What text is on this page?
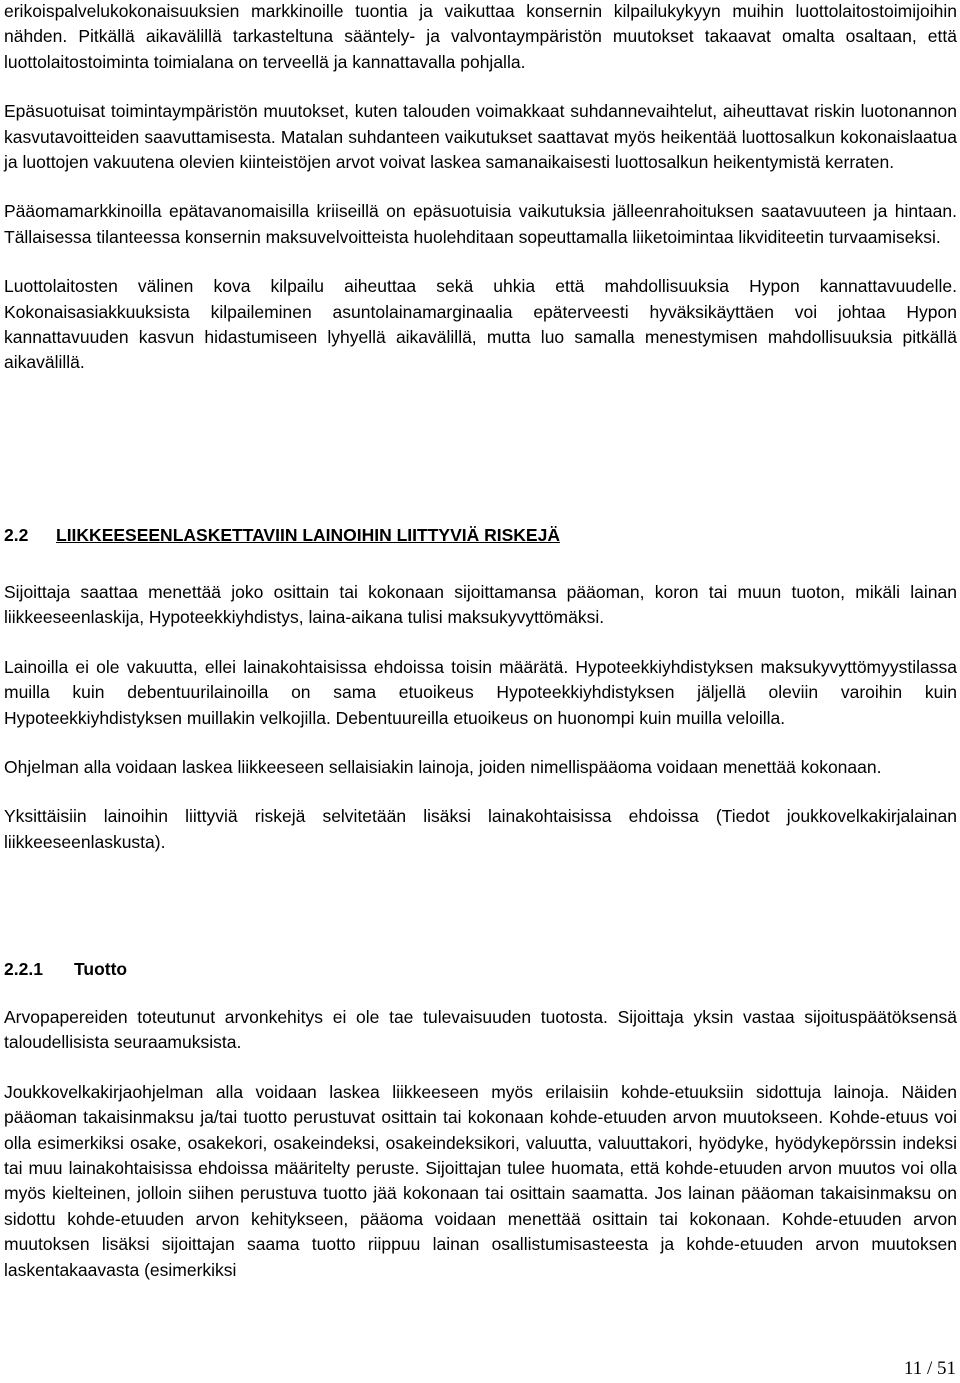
erikoispalvelukokonaisuuksien markkinoille tuontia ja vaikuttaa konsernin kilpailukykyyn muihin luottolaitostoimijoihin nähden. Pitkällä aikavälillä tarkasteltuna sääntely- ja valvontaympäristön muutokset takaavat omalta osaltaan, että luottolaitostoiminta toimialana on terveellä ja kannattavalla pohjalla.

Epäsuotuisat toimintaympäristön muutokset, kuten talouden voimakkaat suhdannevaihtelut, aiheuttavat riskin luotonannon kasvutavoitteiden saavuttamisesta. Matalan suhdanteen vaikutukset saattavat myös heikentää luottosalkun kokonaislaatua ja luottojen vakuutena olevien kiinteistöjen arvot voivat laskea samanaikaisesti luottosalkun heikentymistä kerraten.

Pääomamarkkinoilla epätavanomaisilla kriiseillä on epäsuotuisia vaikutuksia jälleenrahoituksen saatavuuteen ja hintaan. Tällaisessa tilanteessa konsernin maksuvelvoitteista huolehditaan sopeuttamalla liiketoimintaa likviditeetin turvaamiseksi.

Luottolaitosten välinen kova kilpailu aiheuttaa sekä uhkia että mahdollisuuksia Hypon kannattavuudelle. Kokonaisasiakkuuksista kilpaileminen asuntolainamarginaalia epäterveesti hyväksikäyttäen voi johtaa Hypon kannattavuuden kasvun hidastumiseen lyhyellä aikavälillä, mutta luo samalla menestymisen mahdollisuuksia pitkällä aikavälillä.

2.2 LIIKKEESEENLASKETTAVIIN LAINOIHIN LIITTYVIÄ RISKEJÄ

Sijoittaja saattaa menettää joko osittain tai kokonaan sijoittamansa pääoman, koron tai muun tuoton, mikäli lainan liikkeeseenlaskija, Hypoteekkiyhdistys, laina-aikana tulisi maksukyvyttömäksi.

Lainoilla ei ole vakuutta, ellei lainakohtaisissa ehdoissa toisin määrätä. Hypoteekkiyhdistyksen maksukyvyttömyystilassa muilla kuin debentuurilainoilla on sama etuoikeus Hypoteekkiyhdistyksen jäljellä oleviin varoihin kuin Hypoteekkiyhdistyksen muillakin velkojilla. Debentuureilla etuoikeus on huonompi kuin muilla veloilla.

Ohjelman alla voidaan laskea liikkeeseen sellaisiakin lainoja, joiden nimellispääoma voidaan menettää kokonaan.

Yksittäisiin lainoihin liittyviä riskejä selvitetään lisäksi lainakohtaisissa ehdoissa (Tiedot joukkovelkakirjalainan liikkeeseenlaskusta).

2.2.1 Tuotto

Arvopapereiden toteutunut arvonkehitys ei ole tae tulevaisuuden tuotosta. Sijoittaja yksin vastaa sijoituspäätöksensä taloudellisista seuraamuksista.

Joukkovelkakirjaohjelman alla voidaan laskea liikkeeseen myös erilaisiin kohde-etuuksiin sidottuja lainoja. Näiden pääoman takaisinmaksu ja/tai tuotto perustuvat osittain tai kokonaan kohde-etuuden arvon muutokseen. Kohde-etuus voi olla esimerkiksi osake, osakekori, osakeindeksi, osakeindeksikori, valuutta, valuuttakori, hyödyke, hyödykepörssin indeksi tai muu lainakohtaisissa ehdoissa määritelty peruste. Sijoittajan tulee huomata, että kohde-etuuden arvon muutos voi olla myös kielteinen, jolloin siihen perustuva tuotto jää kokonaan tai osittain saamatta. Jos lainan pääoman takaisinmaksu on sidottu kohde-etuuden arvon kehitykseen, pääoma voidaan menettää osittain tai kokonaan. Kohde-etuuden arvon muutoksen lisäksi sijoittajan saama tuotto riippuu lainan osallistumisasteesta ja kohde-etuuden arvon muutoksen laskentakaavasta (esimerkiksi

11 / 51
